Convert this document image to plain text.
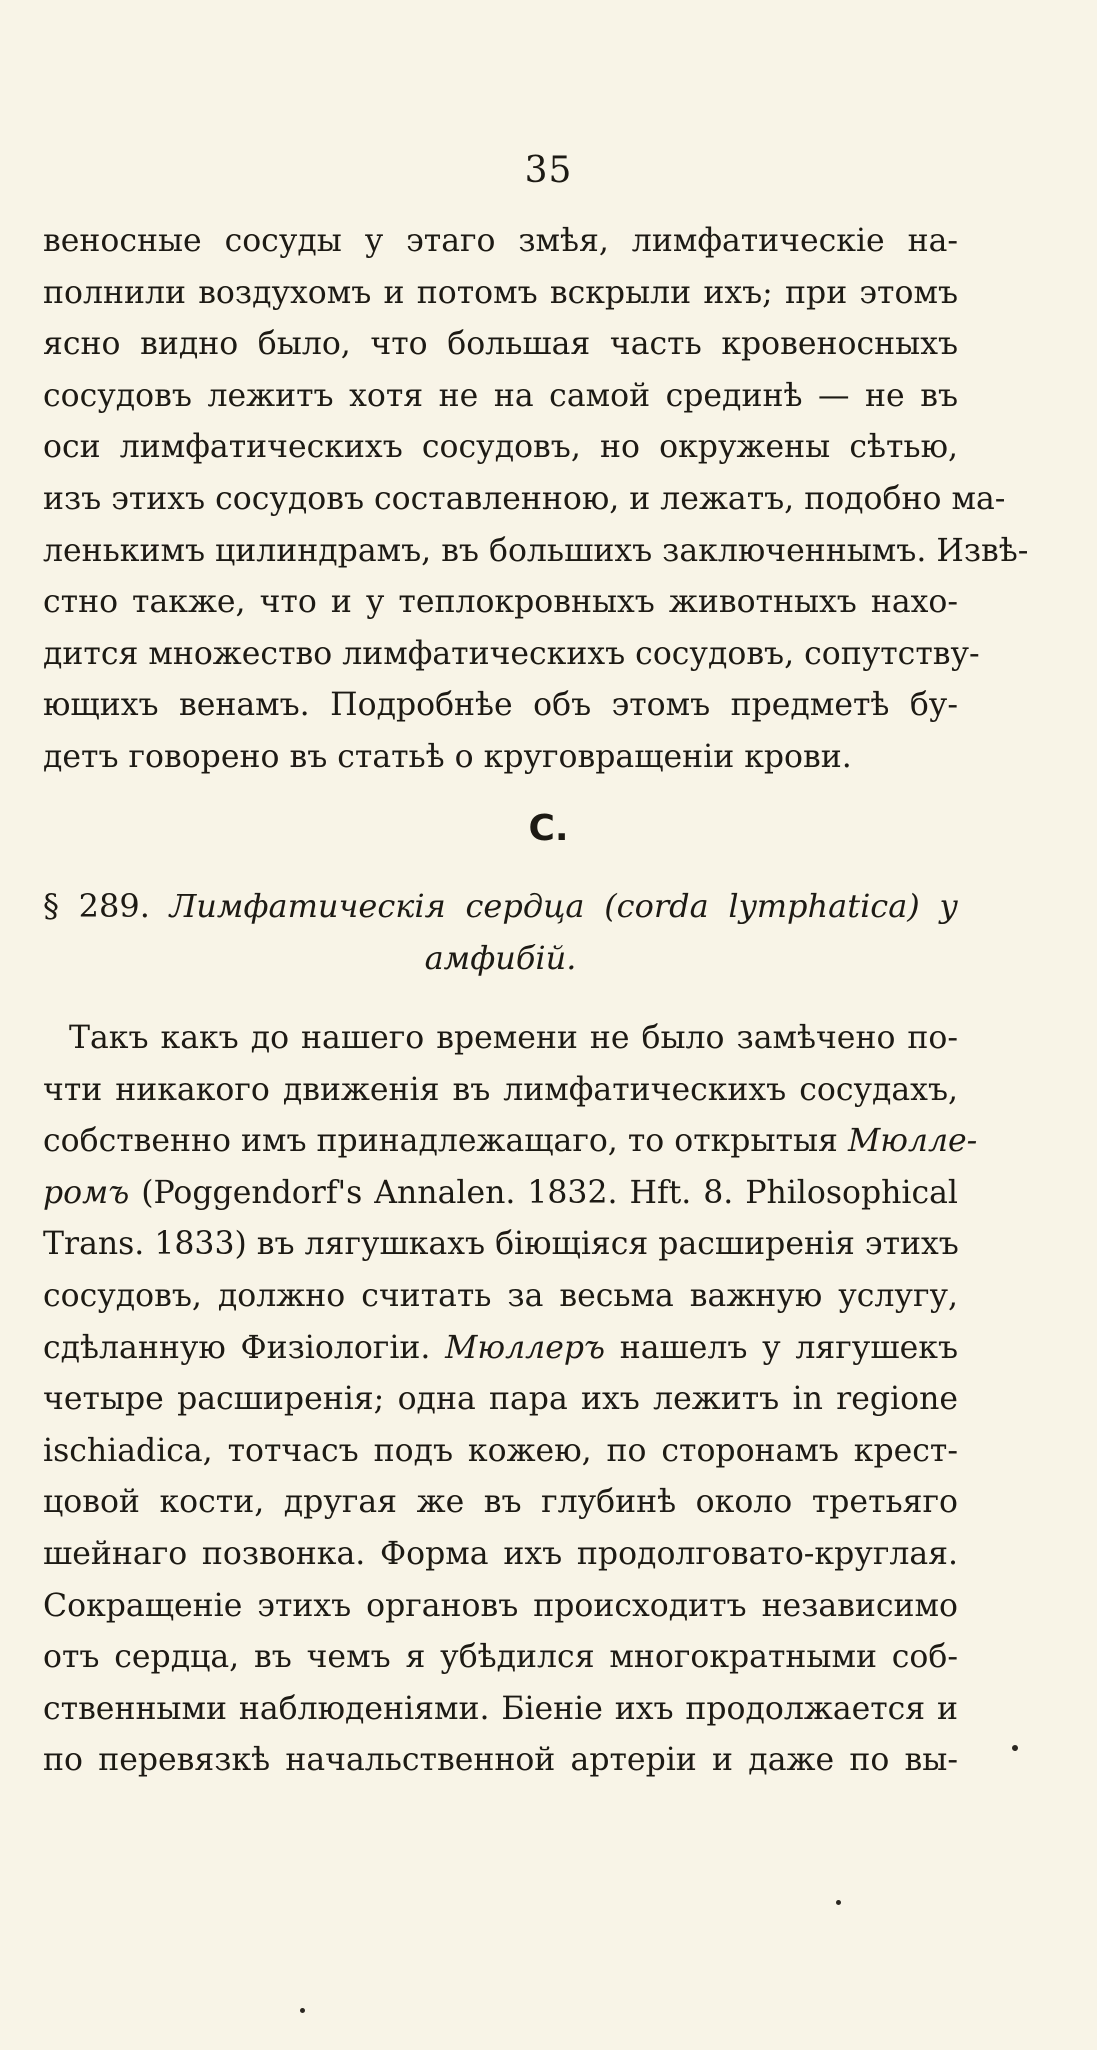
35
веносные сосуды у этаго змѣя, лимфатическіе на-
полнили воздухомъ и потомъ вскрыли ихъ; при этомъ
ясно видно было, что большая часть кровеносныхъ
сосудовъ лежитъ хотя не на самой срединѣ — не въ
оси лимфатическихъ сосудовъ, но окружены сѣтью,
изъ этихъ сосудовъ составленною, и лежатъ, подобно ма-
ленькимъ цилиндрамъ, въ большихъ заключеннымъ. Извѣ-
стно также, что и у теплокровныхъ животныхъ нахо-
дится множество лимфатическихъ сосудовъ, сопутству-
ющихъ венамъ. Подробнѣе объ этомъ предметѣ бу-
детъ говорено въ статьѣ о круговращеніи крови.
C.
§ 289. Лимфатическія сердца (corda lymphatica) у
амфибій.
Такъ какъ до нашего времени не было замѣчено по-
чти никакого движенія въ лимфатическихъ сосудахъ,
собственно имъ принадлежащаго, то открытыя Мюлле-
ромъ (Poggendorf's Annalen. 1832. Hft. 8. Philosophical
Trans. 1833) въ лягушкахъ біющіяся расширенія этихъ
сосудовъ, должно считать за весьма важную услугу,
сдѣланную Физіологіи. Мюллеръ нашелъ у лягушекъ
четыре расширенія; одна пара ихъ лежитъ in regione
ischiadica, тотчасъ подъ кожею, по сторонамъ крест-
цовой кости, другая же въ глубинѣ около третьяго
шейнаго позвонка. Форма ихъ продолговато-круглая.
Сокращеніе этихъ органовъ происходитъ независимо
отъ сердца, въ чемъ я убѣдился многократными соб-
ственными наблюденіями. Біеніе ихъ продолжается и
по перевязкѣ начальственной артеріи и даже по вы-
